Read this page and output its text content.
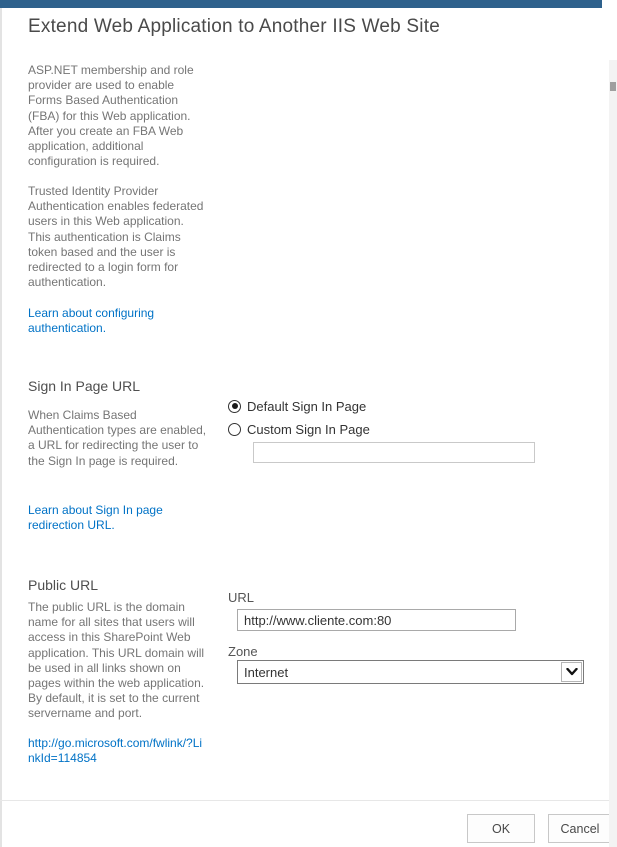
Extend Web Application to Another IIS Web Site
ASP.NET membership and role provider are used to enable Forms Based Authentication (FBA) for this Web application. After you create an FBA Web application, additional configuration is required.
Trusted Identity Provider Authentication enables federated users in this Web application. This authentication is Claims token based and the user is redirected to a login form for authentication.
Learn about configuring authentication.
Sign In Page URL
When Claims Based Authentication types are enabled, a URL for redirecting the user to the Sign In page is required.
Learn about Sign In page redirection URL.
Default Sign In Page
Custom Sign In Page
Public URL
The public URL is the domain name for all sites that users will access in this SharePoint Web application. This URL domain will be used in all links shown on pages within the web application. By default, it is set to the current servername and port.
http://go.microsoft.com/fwlink/?LinkId=114854
URL
http://www.cliente.com:80
Zone
Internet
OK	Cancel
